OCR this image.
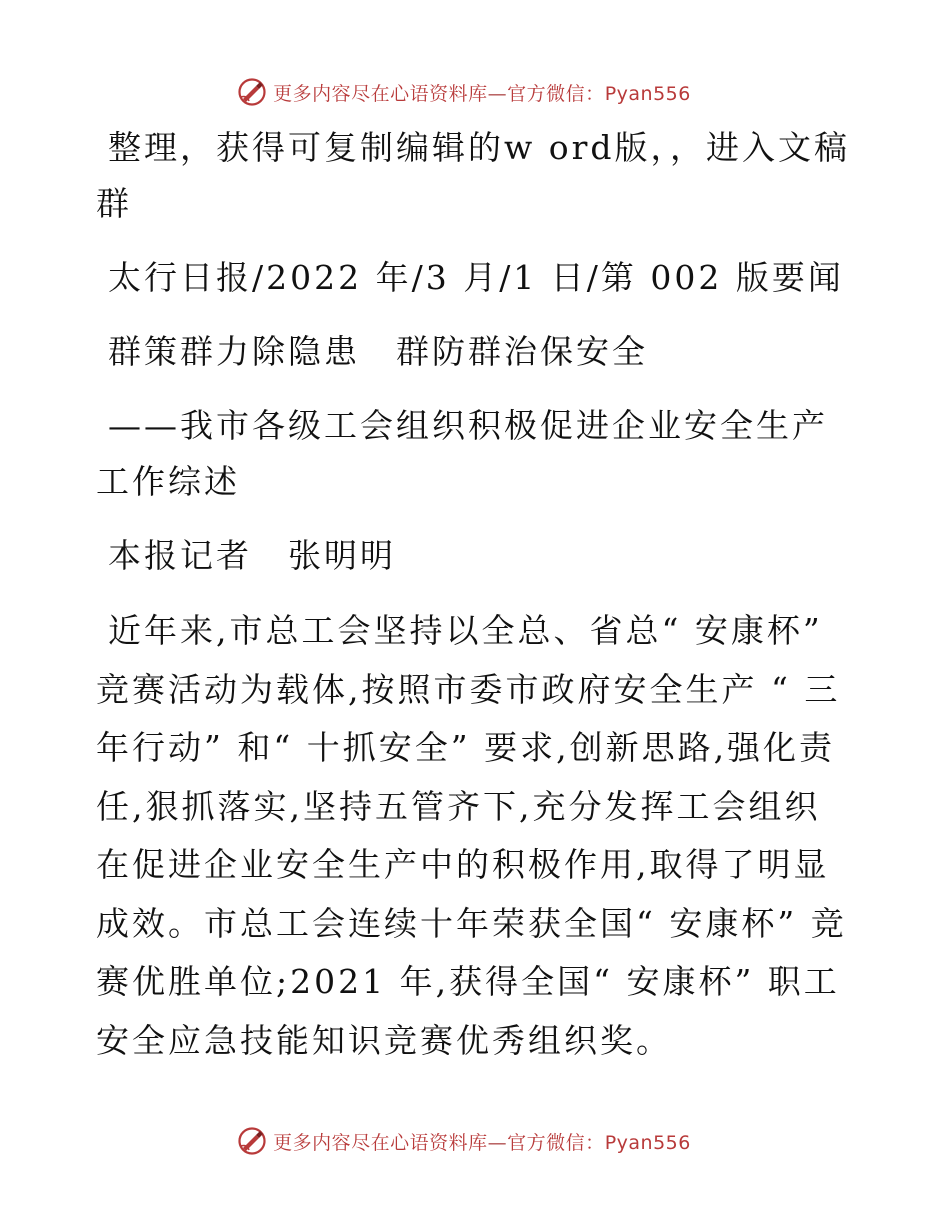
更多内容尽在心语资料库—官方微信：Pyan556

整理，获得可复制编辑的w ord版，，进入文稿群

太行日报/2022 年/3 月/1 日/第 002 版要闻

群策群力除隐患　群防群治保安全

——我市各级工会组织积极促进企业安全生产工作综述

本报记者　张明明

近年来,市总工会坚持以全总、省总“ 安康杯” 竞赛活动为载体,按照市委市政府安全生产 “ 三年行动” 和“ 十抓安全” 要求,创新思路,强化责任,狠抓落实,坚持五管齐下,充分发挥工会组织在促进企业安全生产中的积极作用,取得了明显成效。市总工会连续十年荣获全国“ 安康杯” 竞赛优胜单位;2021 年,获得全国“ 安康杯” 职工安全应急技能知识竞赛优秀组织奖。

更多内容尽在心语资料库—官方微信：Pyan556
